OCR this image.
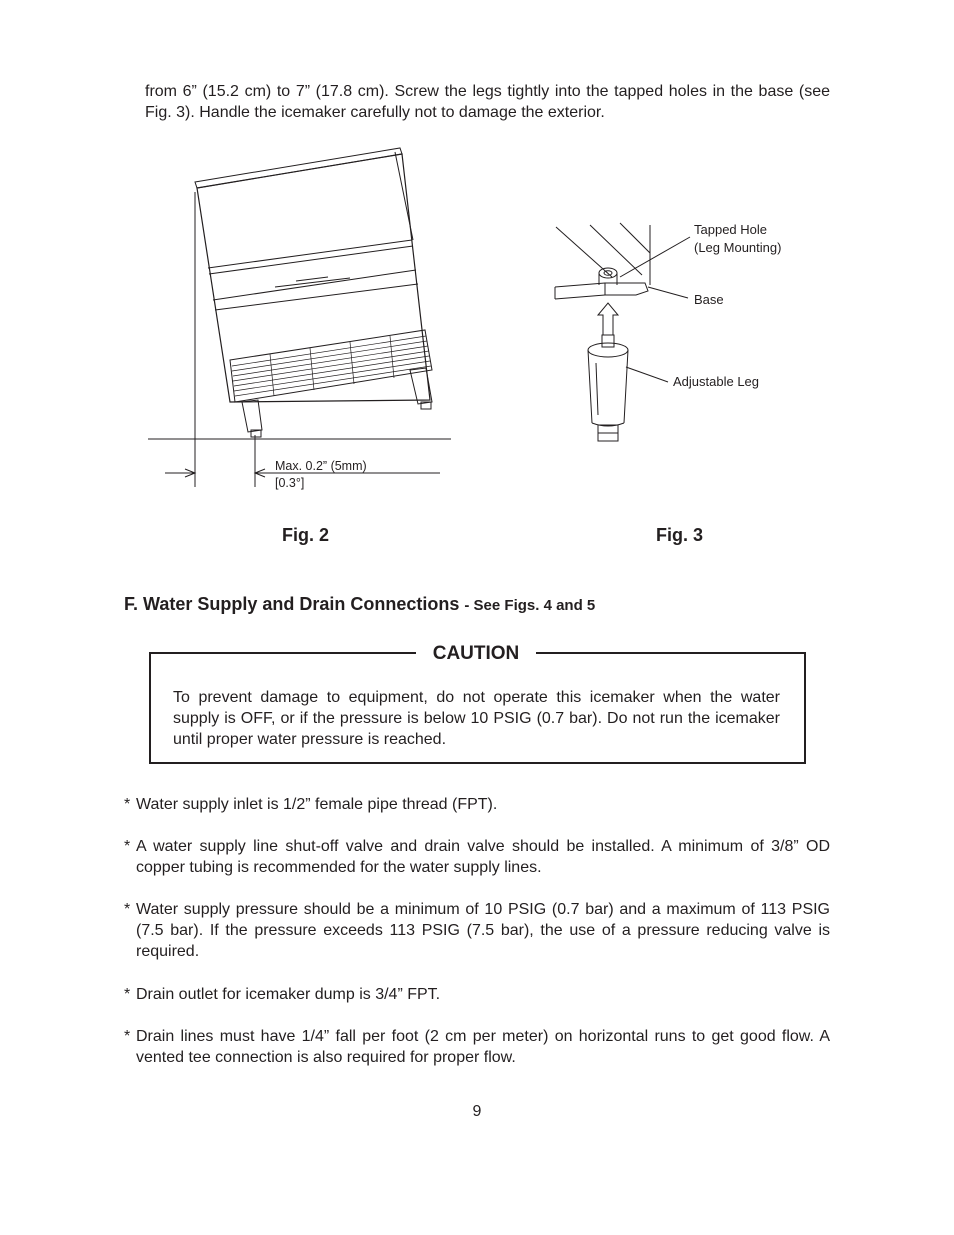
from 6” (15.2 cm) to 7” (17.8 cm). Screw the legs tightly into the tapped holes in the base (see Fig. 3). Handle the icemaker carefully not to damage the exterior.
Max. 0.2” (5mm)
[0.3°]
Tapped Hole
(Leg Mounting)
Base
Adjustable Leg
Fig. 2	Fig. 3
F. Water Supply and Drain Connections - See Figs. 4 and 5
CAUTION
To prevent damage to equipment, do not operate this icemaker when the water supply is OFF, or if the pressure is below 10 PSIG (0.7 bar). Do not run the icemaker until proper water pressure is reached.
* Water supply inlet is 1/2” female pipe thread (FPT).
* A water supply line shut-off valve and drain valve should be installed. A minimum of 3/8” OD copper tubing is recommended for the water supply lines.
* Water supply pressure should be a minimum of 10 PSIG (0.7 bar) and a maximum of 113 PSIG (7.5 bar). If the pressure exceeds 113 PSIG (7.5 bar), the use of a pressure reducing valve is required.
* Drain outlet for icemaker dump is 3/4” FPT.
* Drain lines must have 1/4” fall per foot (2 cm per meter) on horizontal runs to get good flow. A vented tee connection is also required for proper flow.
9
